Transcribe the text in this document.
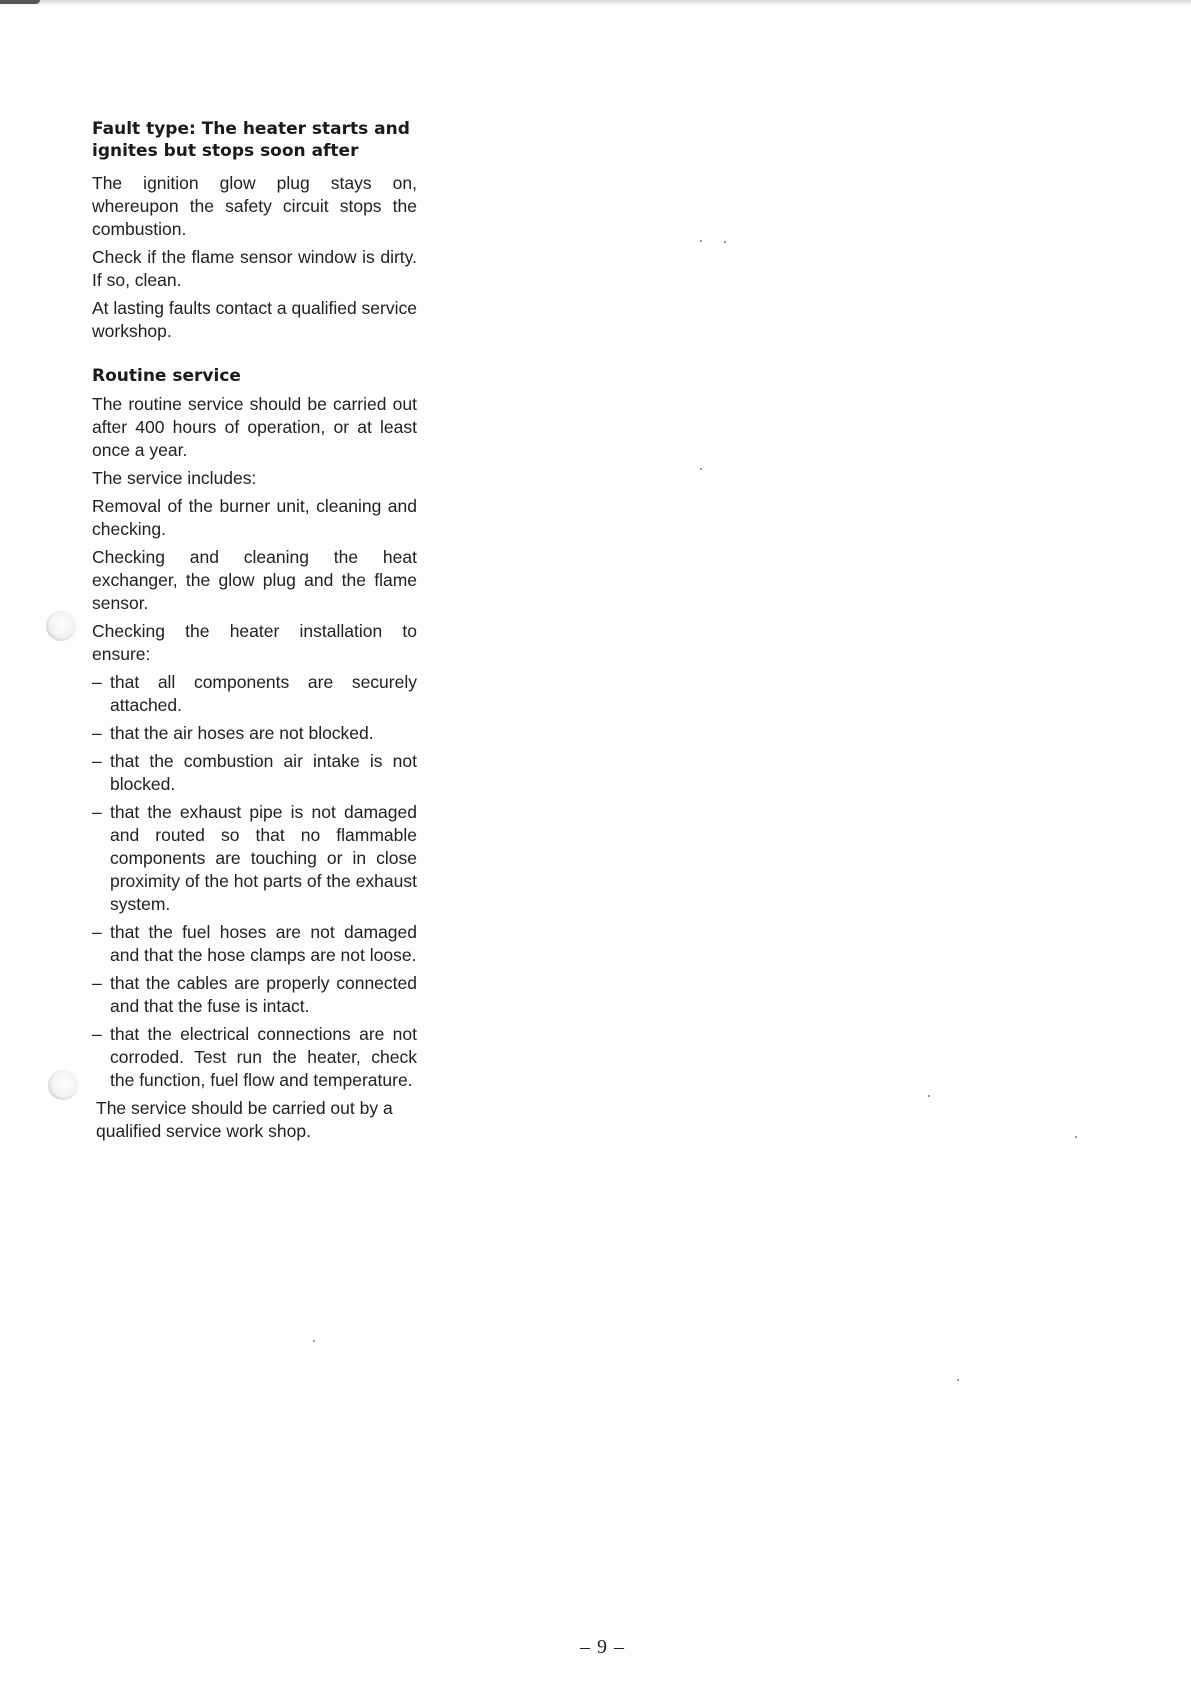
Fault type: The heater starts and ignites but stops soon after

The ignition glow plug stays on, whereupon the safety circuit stops the combustion.

Check if the flame sensor window is dirty. If so, clean.

At lasting faults contact a qualified service workshop.

Routine service

The routine service should be carried out after 400 hours of operation, or at least once a year.

The service includes:

Removal of the burner unit, cleaning and checking.

Checking and cleaning the heat exchanger, the glow plug and the flame sensor.

Checking the heater installation to ensure:

– that all components are securely attached.
– that the air hoses are not blocked.
– that the combustion air intake is not blocked.
– that the exhaust pipe is not damaged and routed so that no flammable components are touching or in close proximity of the hot parts of the exhaust system.
– that the fuel hoses are not damaged and that the hose clamps are not loose.
– that the cables are properly connected and that the fuse is intact.
– that the electrical connections are not corroded. Test run the heater, check the function, fuel flow and temperature.

The service should be carried out by a qualified service work shop.

– 9 –
